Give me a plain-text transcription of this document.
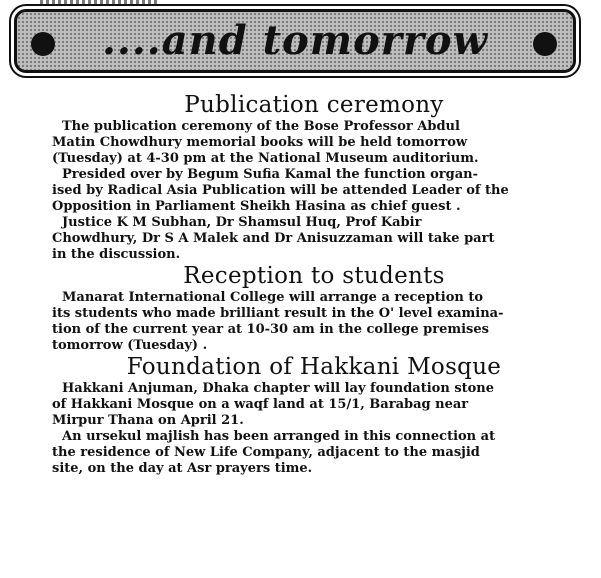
....and tomorrow
Publication ceremony

The publication ceremony of the Bose Professor Abdul

Matin Chowdhury memorial books will be held tomorrow

(Tuesday) at 4-30 pm at the National Museum auditorium.

Presided over by Begum Sufia Kamal the function organ-

ised by Radical Asia Publication will be attended Leader of the

Opposition in Parliament Sheikh Hasina as chief guest .

Justice K M Subhan, Dr Shamsul Huq, Prof Kabir

Chowdhury, Dr S A Malek and Dr Anisuzzaman will take part

in the discussion.

Reception to students

Manarat International College will arrange a reception to

its students who made brilliant result in the O' level examina-

tion of the current year at 10-30 am in the college premises

tomorrow (Tuesday) .

Foundation of Hakkani Mosque

Hakkani Anjuman, Dhaka chapter will lay foundation stone

of Hakkani Mosque on a waqf land at 15/1, Barabag near

Mirpur Thana on April 21.

An ursekul majlish has been arranged in this connection at

the residence of New Life Company, adjacent to the masjid

site, on the day at Asr prayers time.
